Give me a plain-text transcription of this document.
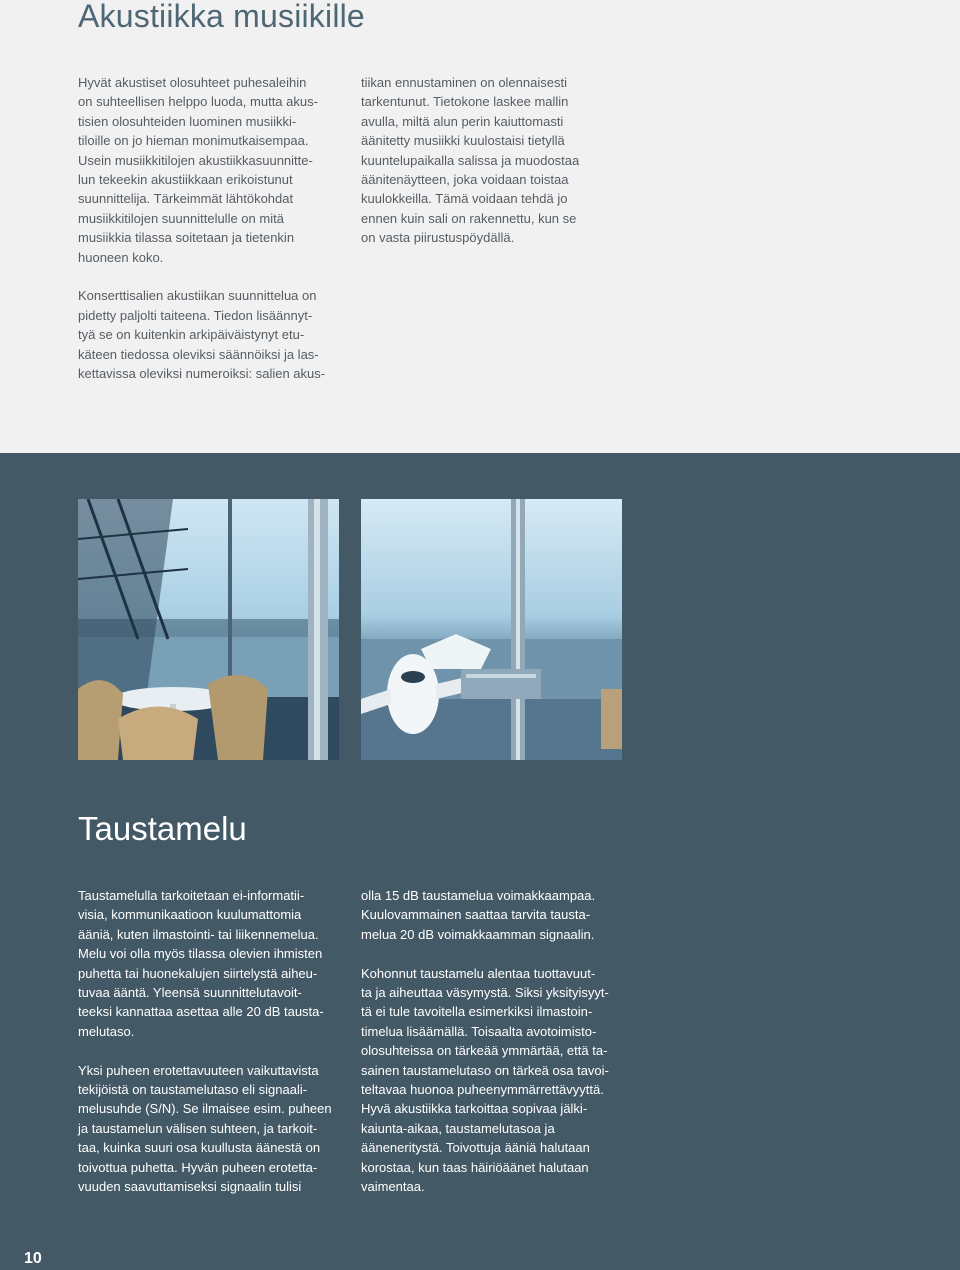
Akustiikka musiikille

Hyvät akustiset olosuhteet puhesaleihin
on suhteellisen helppo luoda, mutta akus-
tisien olosuhteiden luominen musiikki-
tiloille on jo hieman monimutkaisempaa.
Usein musiikkitilojen akustiikkasuunnitte-
lun tekeekin akustiikkaan erikoistunut
suunnittelija. Tärkeimmät lähtökohdat
musiikkitilojen suunnittelulle on mitä
musiikkia tilassa soitetaan ja tietenkin
huoneen koko.

Konserttisalien akustiikan suunnittelua on
pidetty paljolti taiteena. Tiedon lisäännyt-
tyä se on kuitenkin arkipäiväistynyt etu-
käteen tiedossa oleviksi säännöiksi ja las-
kettavissa oleviksi numeroiksi: salien akus-

tiikan ennustaminen on olennaisesti
tarkentunut. Tietokone laskee mallin
avulla, miltä alun perin kaiuttomasti
äänitetty musiikki kuulostaisi tietyllä
kuuntelupaikalla salissa ja muodostaa
äänitenäytteen, joka voidaan toistaa
kuulokkeilla. Tämä voidaan tehdä jo
ennen kuin sali on rakennettu, kun se
on vasta piirustuspöydällä.

Taustamelu

Taustamelulla tarkoitetaan ei-informatii-
visia, kommunikaatioon kuulumattomia
ääniä, kuten ilmastointi- tai liikennemelua.
Melu voi olla myös tilassa olevien ihmisten
puhetta tai huonekalujen siirtelystä aiheu-
tuvaa ääntä. Yleensä suunnittelutavoit-
teeksi kannattaa asettaa alle 20 dB tausta-
melutaso.

Yksi puheen erotettavuuteen vaikuttavista
tekijöistä on taustamelutaso eli signaali-
melusuhde (S/N). Se ilmaisee esim. puheen
ja taustamelun välisen suhteen, ja tarkoit-
taa, kuinka suuri osa kuullusta äänestä on
toivottua puhetta. Hyvän puheen erotetta-
vuuden saavuttamiseksi signaalin tulisi

olla 15 dB taustamelua voimakkaampaa.
Kuulovammainen saattaa tarvita tausta-
melua 20 dB voimakkaamman signaalin.

Kohonnut taustamelu alentaa tuottavuut-
ta ja aiheuttaa väsymystä. Siksi yksityisyyt-
tä ei tule tavoitella esimerkiksi ilmastoin-
timelua lisäämällä. Toisaalta avotoimisto-
olosuhteissa on tärkeää ymmärtää, että ta-
sainen taustamelutaso on tärkeä osa tavoi-
teltavaa huonoa puheenymmärrettävyyttä.
Hyvä akustiikka tarkoittaa sopivaa jälki-
kaiunta-aikaa, taustamelutasoa ja
ääneneritystä. Toivottuja ääniä halutaan
korostaa, kun taas häiriöäänet halutaan
vaimentaa.

10
